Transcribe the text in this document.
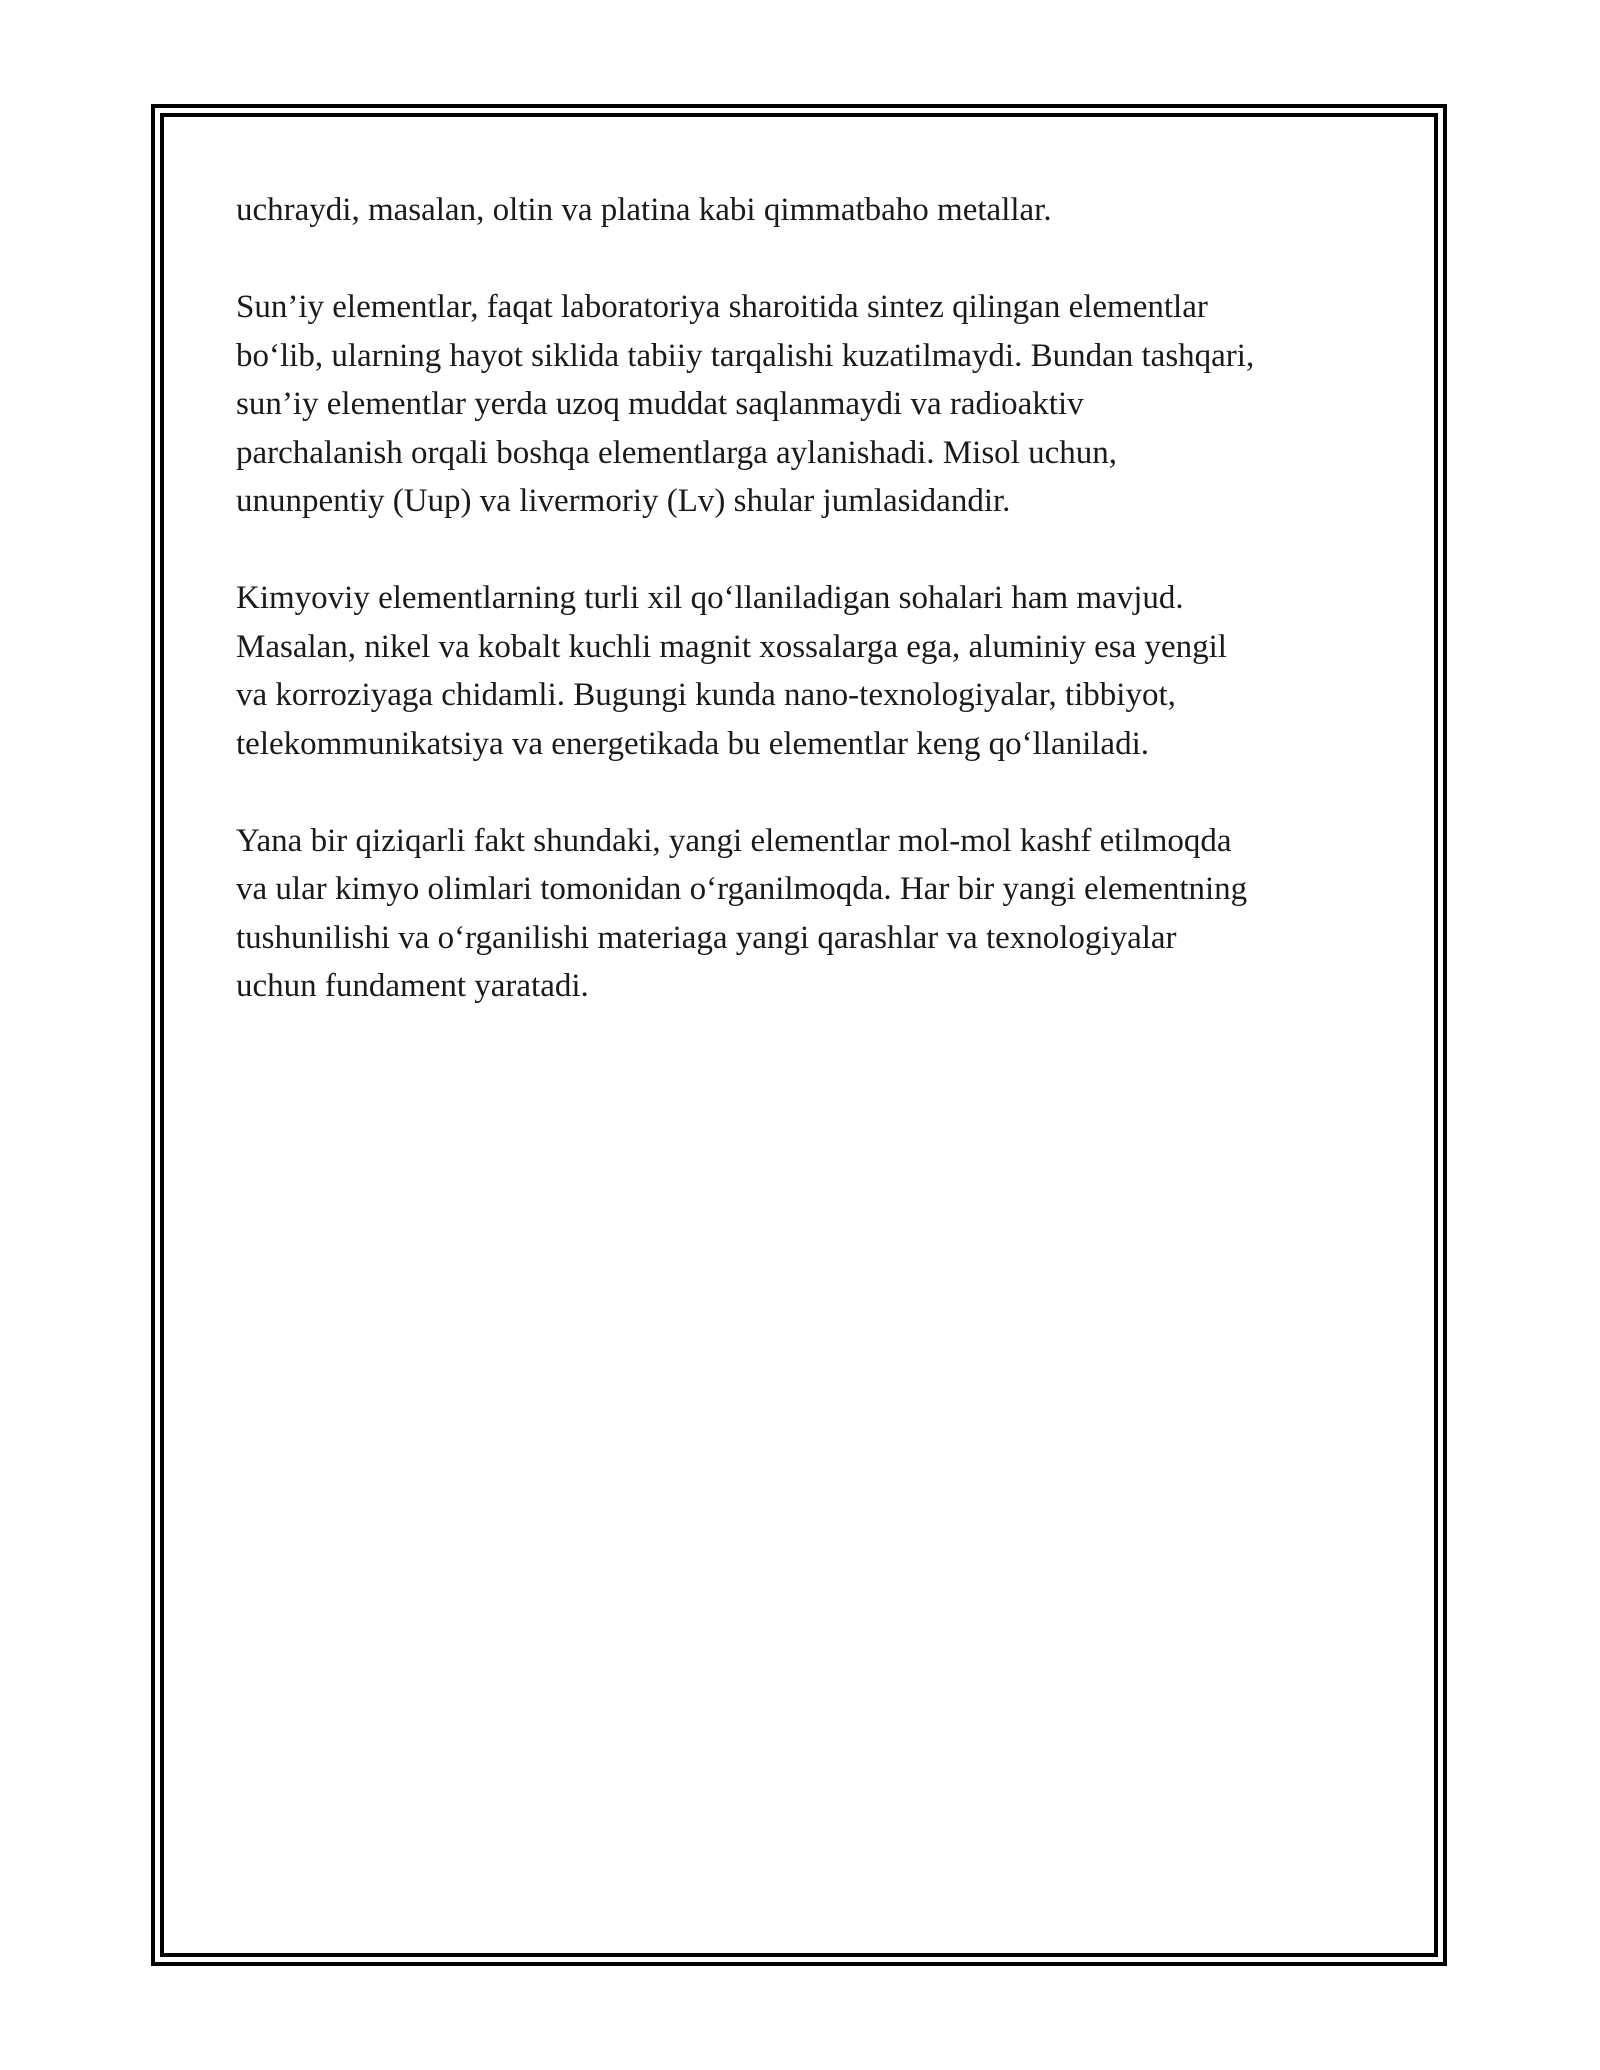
uchraydi, masalan, oltin va platina kabi qimmatbaho metallar.

Sun’iy elementlar, faqat laboratoriya sharoitida sintez qilingan elementlar
bo‘lib, ularning hayot siklida tabiiy tarqalishi kuzatilmaydi. Bundan tashqari,
sun’iy elementlar yerda uzoq muddat saqlanmaydi va radioaktiv
parchalanish orqali boshqa elementlarga aylanishadi. Misol uchun,
ununpentiy (Uup) va livermoriy (Lv) shular jumlasidandir.

Kimyoviy elementlarning turli xil qo‘llaniladigan sohalari ham mavjud.
Masalan, nikel va kobalt kuchli magnit xossalarga ega, aluminiy esa yengil
va korroziyaga chidamli. Bugungi kunda nano-texnologiyalar, tibbiyot,
telekommunikatsiya va energetikada bu elementlar keng qo‘llaniladi.

Yana bir qiziqarli fakt shundaki, yangi elementlar mol-mol kashf etilmoqda
va ular kimyo olimlari tomonidan o‘rganilmoqda. Har bir yangi elementning
tushunilishi va o‘rganilishi materiaga yangi qarashlar va texnologiyalar
uchun fundament yaratadi.
